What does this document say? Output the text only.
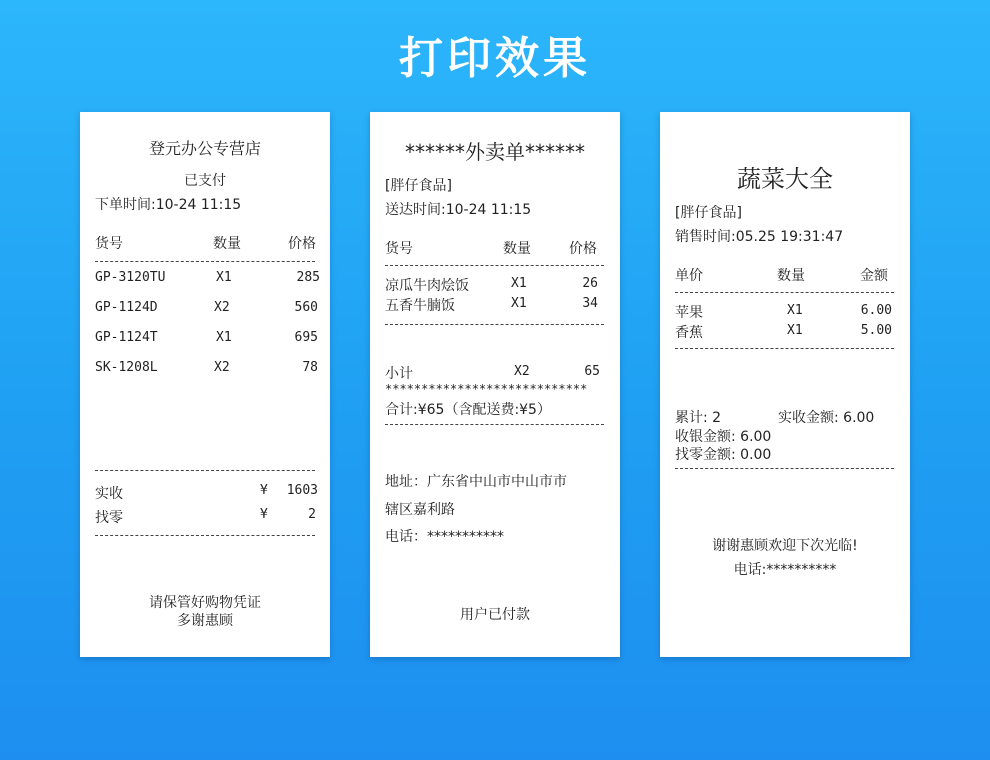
打印效果
登元办公专营店
已支付
下单时间:10-24 11:15
货号	数量	价格
GP-3120TU	X1	285
GP-1124D	X2	560
GP-1124T	X1	695
SK-1208L	X2	78
实收	¥	1603
找零	¥	2
请保管好购物凭证
多谢惠顾
******外卖单******
[胖仔食品]
送达时间:10-24 11:15
货号	数量	价格
凉瓜牛肉烩饭	X1	26
五香牛腩饭	X1	34
小计	X2	65
****************************
合计:¥65（含配送费:¥5）
地址：广东省中山市中山市市
辖区嘉利路
电话：***********
用户已付款
蔬菜大全
[胖仔食品]
销售时间:05.25 19:31:47
单价	数量	金额
苹果	X1	6.00
香蕉	X1	5.00
累计: 2	实收金额: 6.00
收银金额: 6.00
找零金额: 0.00
谢谢惠顾欢迎下次光临!
电话:**********
